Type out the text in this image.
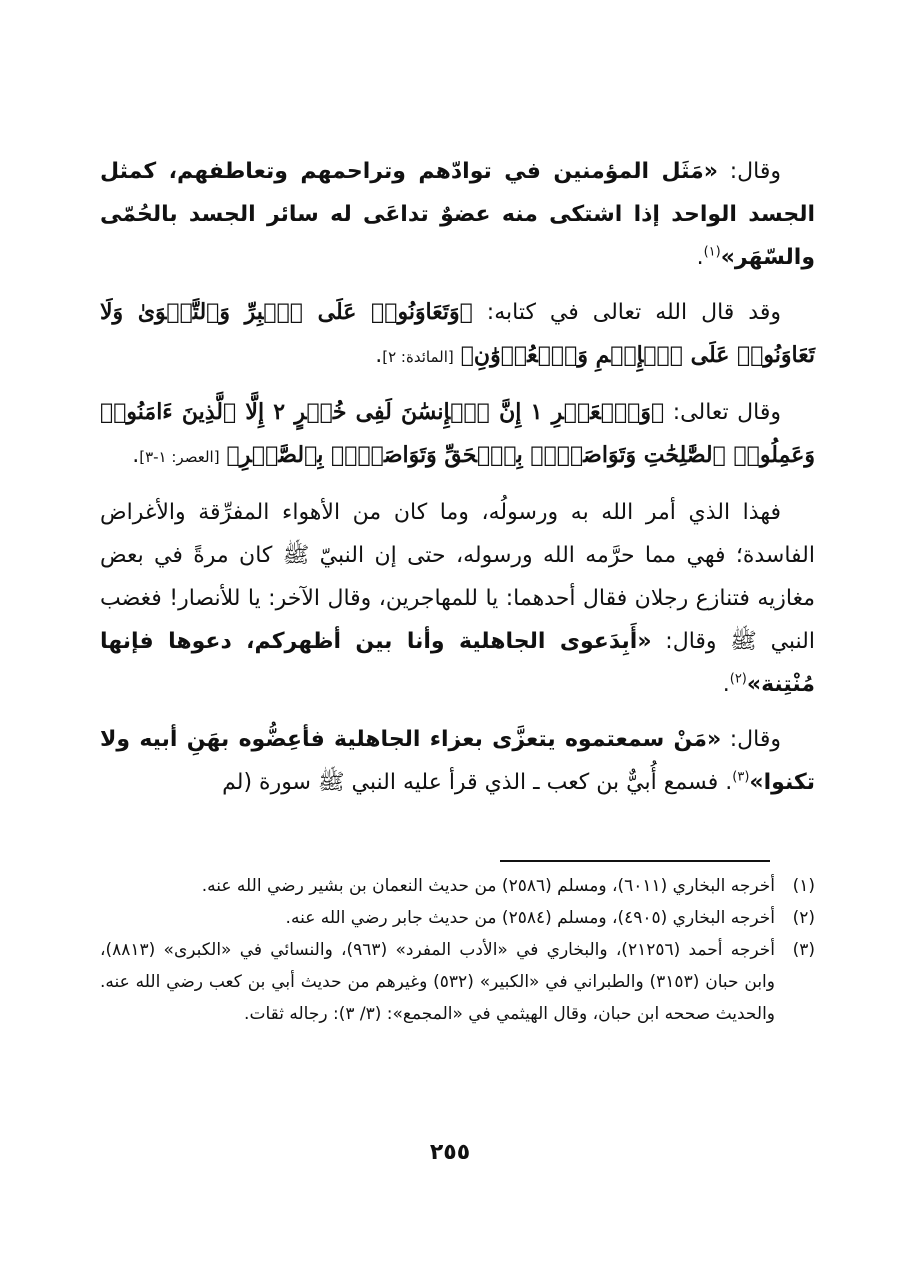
وقال: «مَثَل المؤمنين في توادّهم وتراحمهم وتعاطفهم، كمثل الجسد الواحد إذا اشتكى منه عضوٌ تداعَى له سائر الجسد بالحُمّى والسّهَر»$^{(١)}$.

وقد قال الله تعالى في كتابه: ﴿وَتَعَاوَنُوا۟ عَلَى ٱلۡبِرِّ وَٱلتَّقۡوَىٰ وَلَا تَعَاوَنُوا۟ عَلَى ٱلۡإِثۡمِ وَٱلۡعُدۡوَٰنِ﴾ [المائدة: ٢].

وقال تعالى: ﴿وَٱلۡعَصۡرِ ١ إِنَّ ٱلۡإِنسَٰنَ لَفِى خُسۡرٍ ٢ إِلَّا ٱلَّذِينَ ءَامَنُوا۟ وَعَمِلُوا۟ ٱلصَّٰلِحَٰتِ وَتَوَاصَوۡا۟ بِٱلۡحَقِّ وَتَوَاصَوۡا۟ بِٱلصَّبۡرِ﴾ [العصر: ١-٣].

فهذا الذي أمر الله به ورسولُه، وما كان من الأهواء المفرِّقة والأغراض الفاسدة؛ فهي مما حرَّمه الله ورسوله، حتى إن النبيّ ﷺ كان مرةً في بعض مغازيه فتنازع رجلان فقال أحدهما: يا للمهاجرين، وقال الآخر: يا للأنصار! فغضب النبي ﷺ وقال: «أَبِدَعوى الجاهلية وأنا بين أظهركم، دعوها فإنها مُنْتِنة»$^{(٢)}$.

وقال: «مَنْ سمعتموه يتعزَّى بعزاء الجاهلية فأعِضُّوه بهَنِ أبيه ولا تكنوا»$^{(٣)}$. فسمع أُبيٌّ بن كعب ـ الذي قرأ عليه النبي ﷺ سورة (لم

(١)
أخرجه البخاري (٦٠١١)، ومسلم (٢٥٨٦) من حديث النعمان بن بشير رضي الله عنه.

(٢)
أخرجه البخاري (٤٩٠٥)، ومسلم (٢٥٨٤) من حديث جابر رضي الله عنه.

(٣)
أخرجه أحمد (٢١٢٥٦)، والبخاري في «الأدب المفرد» (٩٦٣)، والنسائي في «الكبرى» (٨٨١٣)، وابن حبان (٣١٥٣) والطبراني في «الكبير» (٥٣٢) وغيرهم من حديث أبي بن كعب رضي الله عنه. والحديث صححه ابن حبان، وقال الهيثمي في «المجمع»: (٣/ ٣): رجاله ثقات.

٢٥٥
